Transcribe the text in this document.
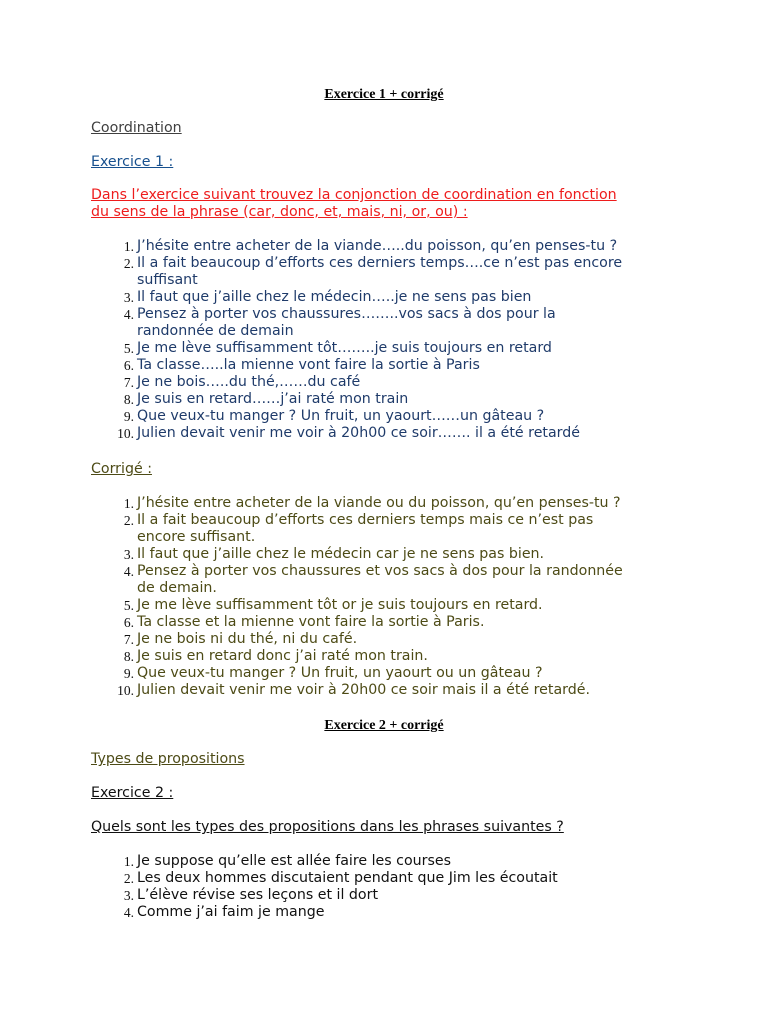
Exercice 1 + corrigé
Coordination
Exercice 1 :
Dans l’exercice suivant trouvez la conjonction de coordination en fonction
du sens de la phrase (car, donc, et, mais, ni, or, ou) :
1. J’hésite entre acheter de la viande…..du poisson, qu’en penses-tu ?
2. Il a fait beaucoup d’efforts ces derniers temps….ce n’est pas encore
suffisant
3. Il faut que j’aille chez le médecin…..je ne sens pas bien
4. Pensez à porter vos chaussures……..vos sacs à dos pour la
randonnée de demain
5. Je me lève suffisamment tôt……..je suis toujours en retard
6. Ta classe…..la mienne vont faire la sortie à Paris
7. Je ne bois…..du thé,……du café
8. Je suis en retard……j’ai raté mon train
9. Que veux-tu manger ? Un fruit, un yaourt……un gâteau ?
10. Julien devait venir me voir à 20h00 ce soir……. il a été retardé
Corrigé :
1. J’hésite entre acheter de la viande ou du poisson, qu’en penses-tu ?
2. Il a fait beaucoup d’efforts ces derniers temps mais ce n’est pas
encore suffisant.
3. Il faut que j’aille chez le médecin car je ne sens pas bien.
4. Pensez à porter vos chaussures et vos sacs à dos pour la randonnée
de demain.
5. Je me lève suffisamment tôt or je suis toujours en retard.
6. Ta classe et la mienne vont faire la sortie à Paris.
7. Je ne bois ni du thé, ni du café.
8. Je suis en retard donc j’ai raté mon train.
9. Que veux-tu manger ? Un fruit, un yaourt ou un gâteau ?
10. Julien devait venir me voir à 20h00 ce soir mais il a été retardé.
Exercice 2 + corrigé
Types de propositions
Exercice 2 :
Quels sont les types des propositions dans les phrases suivantes ?
1. Je suppose qu’elle est allée faire les courses
2. Les deux hommes discutaient pendant que Jim les écoutait
3. L’élève révise ses leçons et il dort
4. Comme j’ai faim je mange
